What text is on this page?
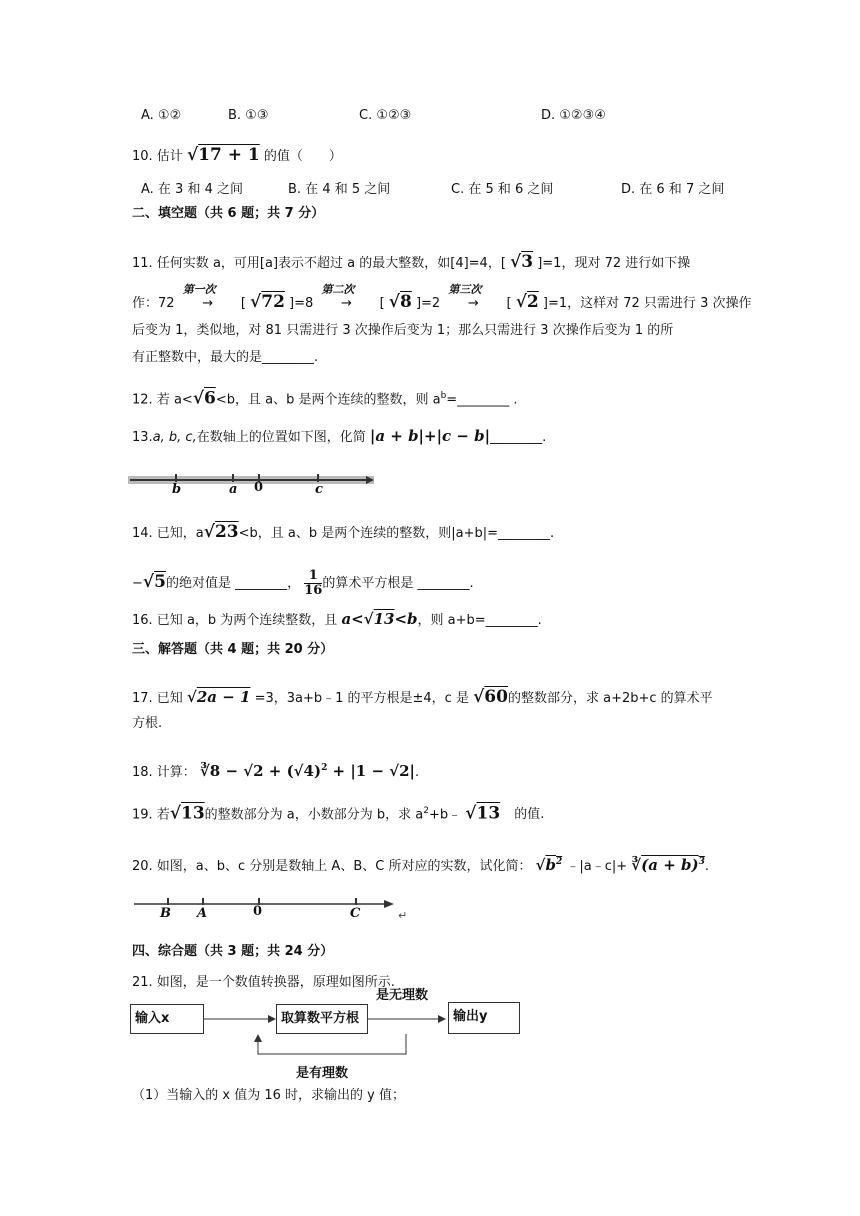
A. ①②	B. ①③	C. ①②③	D. ①②③④
10. 估计 √17 + 1 的值（　　）
A. 在 3 和 4 之间	B. 在 4 和 5 之间	C. 在 5 和 6 之间	D. 在 6 和 7 之间
二、填空题（共 6 题；共 7 分）
11. 任何实数 a，可用[a]表示不超过 a 的最大整数，如[4]=4，[ √3 ]=1，现对 72 进行如下操
作：72
第一次
→ [ √72 ]=8
第二次
→ [ √8 ]=2
第三次
→ [ √2 ]=1，这样对 72 只需进行 3 次操作
后变为 1，类似地，对 81 只需进行 3 次操作后变为 1；那么只需进行 3 次操作后变为 1 的所
有正整数中，最大的是________.
12. 若 a<√6<b，且 a、b 是两个连续的整数，则 $a^b=\_\_\_\_\_\_\_\_$ .
13.a, b, c,在数轴上的位置如下图，化简 |a + b|+|c − b|________.
b	a 0	c
14. 已知，a√23<b，且 a、b 是两个连续的整数，则|a+b|=________.
−√5的绝对值是 ________， $\frac{1}{16}$ 的算术平方根是 ________.
16. 已知 a，b 为两个连续整数，且 a<√13<b，则 a+b=________.
三、解答题（共 4 题；共 20 分）
17. 已知 √2a − 1 =3，3a+b﹣1 的平方根是±4，c 是 √60的整数部分，求 a+2b+c 的算术平
方根.
18. 计算： ∛8 − $√2 + (√4)^2 + |1 - √2|$.
19. 若√13的整数部分为 a，小数部分为 b，求 $a^2+b﹣$ √13 的值.
20. 如图，a、b、c 分别是数轴上 A、B、C 所对应的实数，试化简： $√b^2$ ﹣|a﹣c|+ ∛(a + b)$^3$.
B A	0	C	↵
四、综合题（共 3 题；共 24 分）
21. 如图，是一个数值转换器，原理如图所示.
输入x	取算数平方根	输出y
是无理数
是有理数
（1）当输入的 x 值为 16 时，求输出的 y 值；
